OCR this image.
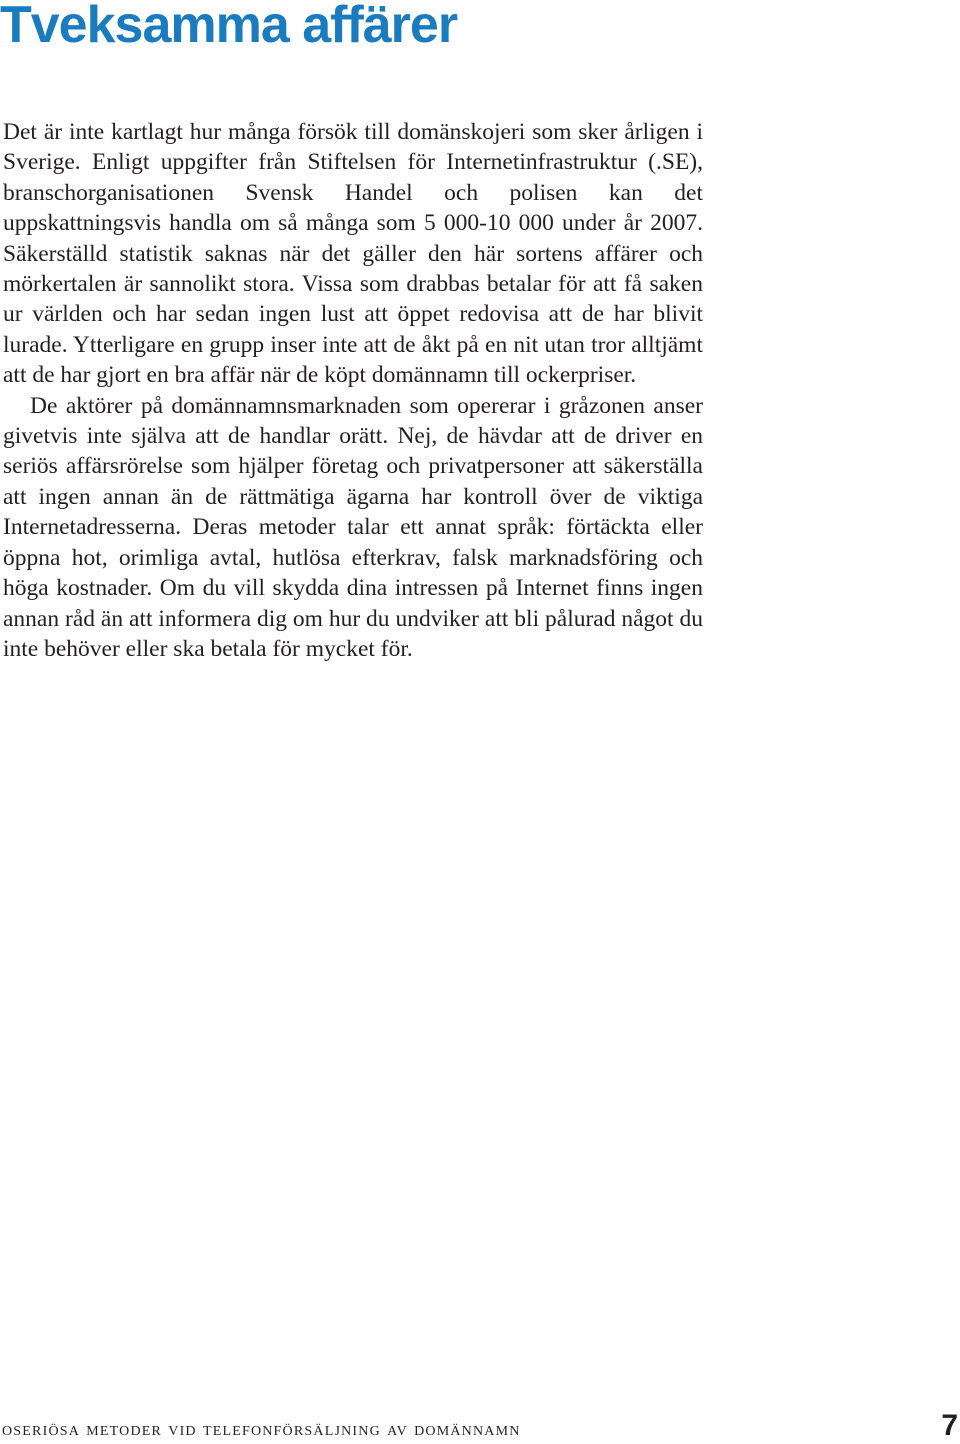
Tveksamma affärer

Det är inte kartlagt hur många försök till domänskojeri som sker årligen i Sverige. Enligt uppgifter från Stiftelsen för Internetinfrastruktur (.SE), branschorganisationen Svensk Handel och polisen kan det uppskattningsvis handla om så många som 5 000-10 000 under år 2007. Säkerställd statistik saknas när det gäller den här sortens affärer och mörkertalen är sannolikt stora. Vissa som drabbas betalar för att få saken ur världen och har sedan ingen lust att öppet redovisa att de har blivit lurade. Ytterligare en grupp inser inte att de åkt på en nit utan tror alltjämt att de har gjort en bra affär när de köpt domännamn till ockerpriser.

De aktörer på domännamnsmarknaden som opererar i gråzonen anser givetvis inte själva att de handlar orätt. Nej, de hävdar att de driver en seriös affärsrörelse som hjälper företag och privatpersoner att säkerställa att ingen annan än de rättmätiga ägarna har kontroll över de viktiga Internetadresserna. Deras metoder talar ett annat språk: förtäckta eller öppna hot, orimliga avtal, hutlösa efterkrav, falsk marknadsföring och höga kostnader. Om du vill skydda dina intressen på Internet finns ingen annan råd än att informera dig om hur du undviker att bli pålurad något du inte behöver eller ska betala för mycket för.

oseriösa metoder vid telefonförsäljning av domännamn	7
